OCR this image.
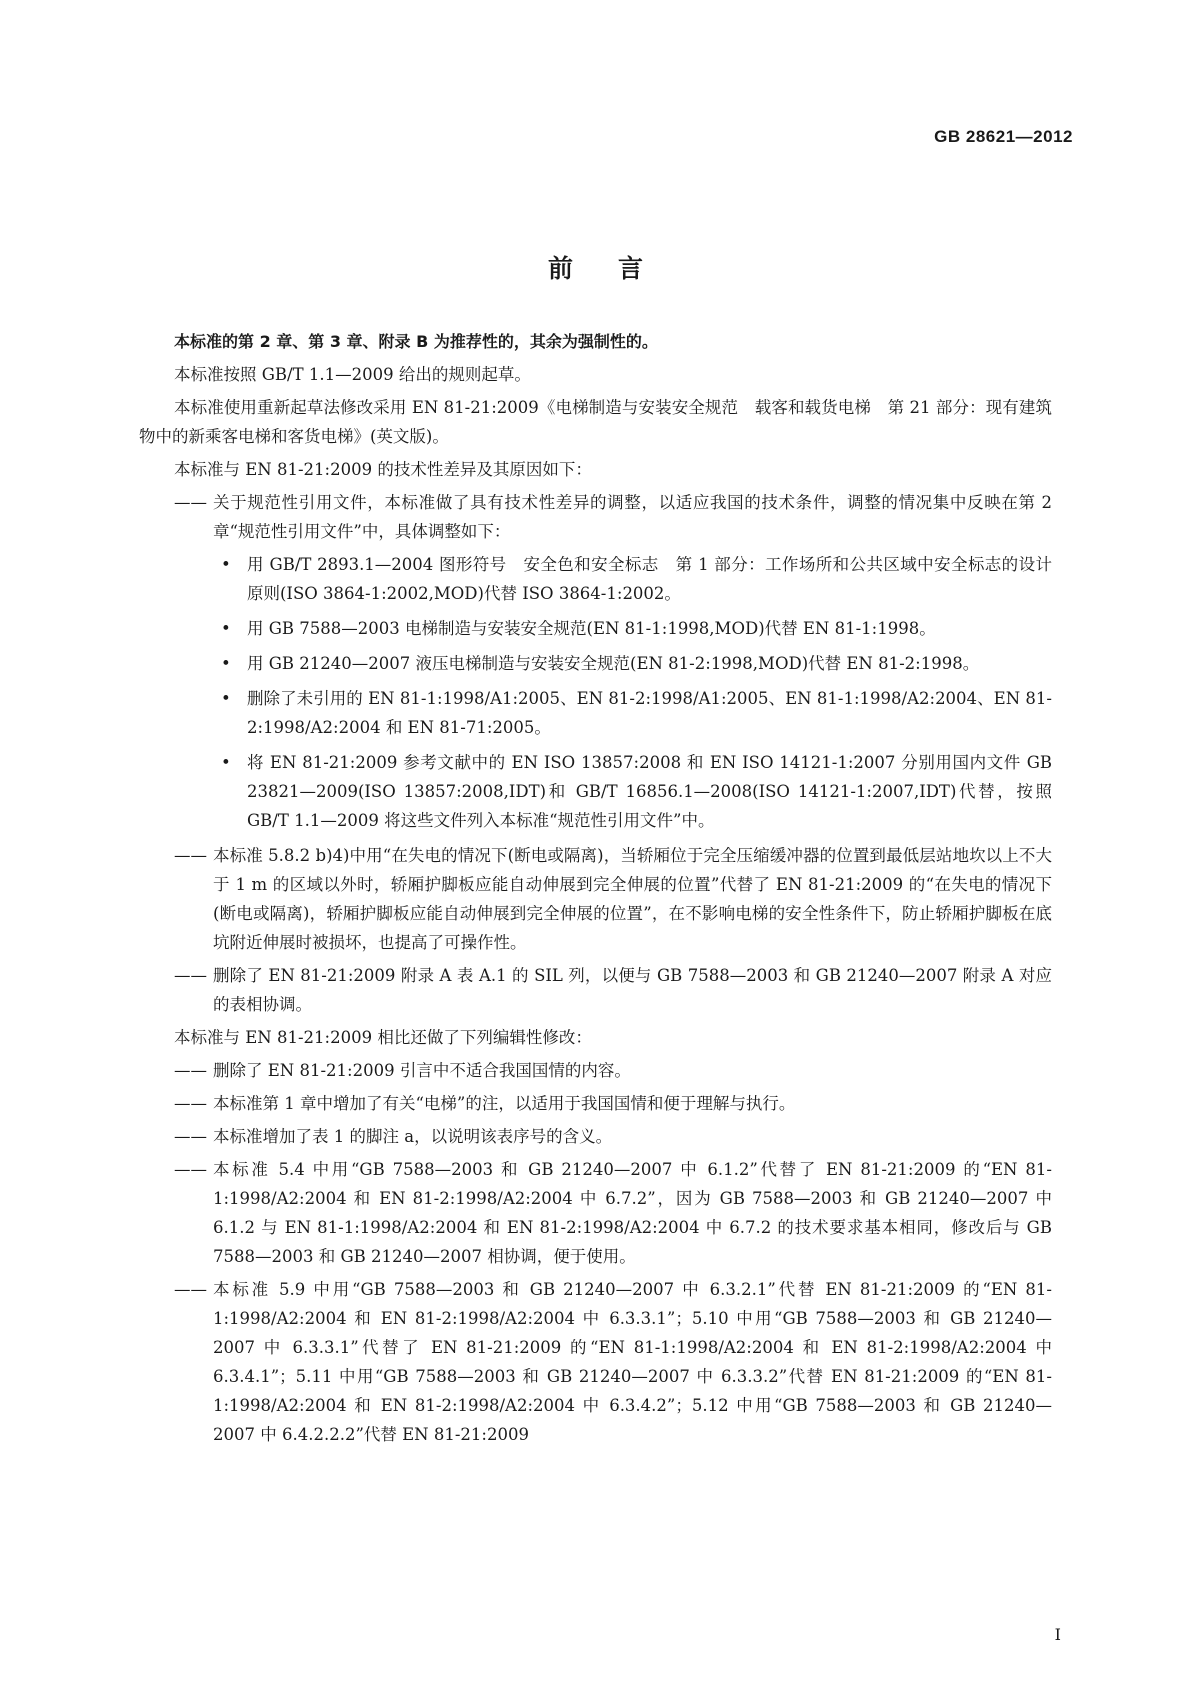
GB 28621—2012
前言

本标准的第 2 章、第 3 章、附录 B 为推荐性的，其余为强制性的。

本标准按照 GB/T 1.1—2009 给出的规则起草。

本标准使用重新起草法修改采用 EN 81-21:2009《电梯制造与安装安全规范　载客和载货电梯　第 21 部分：现有建筑物中的新乘客电梯和客货电梯》(英文版)。

本标准与 EN 81-21:2009 的技术性差异及其原因如下：

—— 关于规范性引用文件，本标准做了具有技术性差异的调整，以适应我国的技术条件，调整的情况集中反映在第 2 章“规范性引用文件”中，具体调整如下：
• 用 GB/T 2893.1—2004 图形符号　安全色和安全标志　第 1 部分：工作场所和公共区域中安全标志的设计原则(ISO 3864-1:2002,MOD)代替 ISO 3864-1:2002。
• 用 GB 7588—2003 电梯制造与安装安全规范(EN 81-1:1998,MOD)代替 EN 81-1:1998。
• 用 GB 21240—2007 液压电梯制造与安装安全规范(EN 81-2:1998,MOD)代替 EN 81-2:1998。
• 删除了未引用的 EN 81-1:1998/A1:2005、EN 81-2:1998/A1:2005、EN 81-1:1998/A2:2004、EN 81-2:1998/A2:2004 和 EN 81-71:2005。
• 将 EN 81-21:2009 参考文献中的 EN ISO 13857:2008 和 EN ISO 14121-1:2007 分别用国内文件 GB 23821—2009(ISO 13857:2008,IDT)和 GB/T 16856.1—2008(ISO 14121-1:2007,IDT)代替，按照 GB/T 1.1—2009 将这些文件列入本标准“规范性引用文件”中。
—— 本标准 5.8.2 b)4)中用“在失电的情况下(断电或隔离)，当轿厢位于完全压缩缓冲器的位置到最低层站地坎以上不大于 1 m 的区域以外时，轿厢护脚板应能自动伸展到完全伸展的位置”代替了 EN 81-21:2009 的“在失电的情况下(断电或隔离)，轿厢护脚板应能自动伸展到完全伸展的位置”，在不影响电梯的安全性条件下，防止轿厢护脚板在底坑附近伸展时被损坏，也提高了可操作性。
—— 删除了 EN 81-21:2009 附录 A 表 A.1 的 SIL 列，以便与 GB 7588—2003 和 GB 21240—2007 附录 A 对应的表相协调。

本标准与 EN 81-21:2009 相比还做了下列编辑性修改：

—— 删除了 EN 81-21:2009 引言中不适合我国国情的内容。
—— 本标准第 1 章中增加了有关“电梯”的注，以适用于我国国情和便于理解与执行。
—— 本标准增加了表 1 的脚注 a，以说明该表序号的含义。
—— 本标准 5.4 中用“GB 7588—2003 和 GB 21240—2007 中 6.1.2”代替了 EN 81-21:2009 的“EN 81-1:1998/A2:2004 和 EN 81-2:1998/A2:2004 中 6.7.2”，因为 GB 7588—2003 和 GB 21240—2007 中 6.1.2 与 EN 81-1:1998/A2:2004 和 EN 81-2:1998/A2:2004 中 6.7.2 的技术要求基本相同，修改后与 GB 7588—2003 和 GB 21240—2007 相协调，便于使用。
—— 本标准 5.9 中用“GB 7588—2003 和 GB 21240—2007 中 6.3.2.1”代替 EN 81-21:2009 的“EN 81-1:1998/A2:2004 和 EN 81-2:1998/A2:2004 中 6.3.3.1”；5.10 中用“GB 7588—2003 和 GB 21240—2007 中 6.3.3.1”代替了 EN 81-21:2009 的“EN 81-1:1998/A2:2004 和 EN 81-2:1998/A2:2004 中 6.3.4.1”；5.11 中用“GB 7588—2003 和 GB 21240—2007 中 6.3.3.2”代替 EN 81-21:2009 的“EN 81-1:1998/A2:2004 和 EN 81-2:1998/A2:2004 中 6.3.4.2”；5.12 中用“GB 7588—2003 和 GB 21240—2007 中 6.4.2.2.2”代替 EN 81-21:2009
I
